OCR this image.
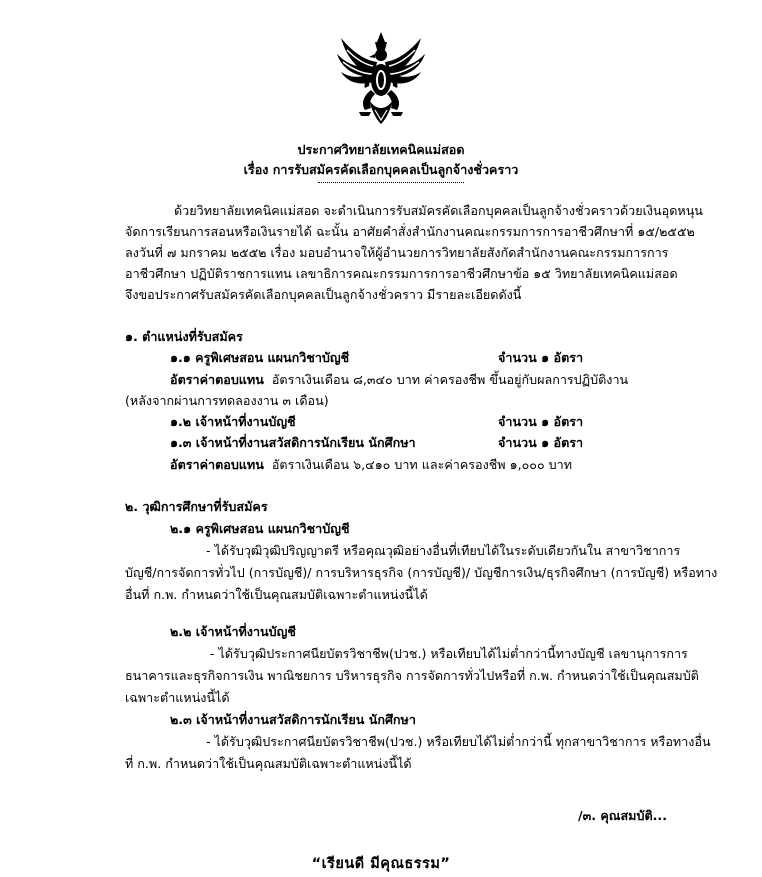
ประกาศวิทยาลัยเทคนิคแม่สอด
เรื่อง การรับสมัครคัดเลือกบุคคลเป็นลูกจ้างชั่วคราว
ด้วยวิทยาลัยเทคนิคแม่สอด จะดำเนินการรับสมัครคัดเลือกบุคคลเป็นลูกจ้างชั่วคราวด้วยเงินอุดหนุน
จัดการเรียนการสอนหรือเงินรายได้ ฉะนั้น อาศัยคำสั่งสำนักงานคณะกรรมการการอาชีวศึกษาที่ ๑๕/๒๕๕๒
ลงวันที่ ๗ มกราคม ๒๕๕๒ เรื่อง มอบอำนาจให้ผู้อำนวยการวิทยาลัยสังกัดสำนักงานคณะกรรมการการ
อาชีวศึกษา ปฏิบัติราชการแทน เลขาธิการคณะกรรมการการอาชีวศึกษาข้อ ๑๕ วิทยาลัยเทคนิคแม่สอด
จึงขอประกาศรับสมัครคัดเลือกบุคคลเป็นลูกจ้างชั่วคราว มีรายละเอียดดังนี้
๑. ตำแหน่งที่รับสมัคร
๑.๑ ครูพิเศษสอน แผนกวิชาบัญชี	จำนวน ๑ อัตรา
อัตราค่าตอบแทน อัตราเงินเดือน ๘,๓๔๐ บาท ค่าครองชีพ ขึ้นอยู่กับผลการปฏิบัติงาน
(หลังจากผ่านการทดลองงาน ๓ เดือน)
๑.๒ เจ้าหน้าที่งานบัญชี	จำนวน ๑ อัตรา
๑.๓ เจ้าหน้าที่งานสวัสดิการนักเรียน นักศึกษา	จำนวน ๑ อัตรา
อัตราค่าตอบแทน อัตราเงินเดือน ๖,๔๑๐ บาท และค่าครองชีพ ๑,๐๐๐ บาท
๒. วุฒิการศึกษาที่รับสมัคร
๒.๑ ครูพิเศษสอน แผนกวิชาบัญชี
- ได้รับวุฒิวุฒิปริญญาตรี หรือคุณวุฒิอย่างอื่นที่เทียบได้ในระดับเดียวกันใน สาขาวิชาการ
บัญชี/การจัดการทั่วไป (การบัญชี)/ การบริหารธุรกิจ (การบัญชี)/ บัญชีการเงิน/ธุรกิจศึกษา (การบัญชี) หรือทาง
อื่นที่ ก.พ. กำหนดว่าใช้เป็นคุณสมบัติเฉพาะตำแหน่งนี้ได้
๒.๒ เจ้าหน้าที่งานบัญชี
- ได้รับวุฒิประกาศนียบัตรวิชาชีพ(ปวช.) หรือเทียบได้ไม่ต่ำกว่านี้ทางบัญชี เลขานุการการ
ธนาคารและธุรกิจการเงิน พาณิชยการ บริหารธุรกิจ การจัดการทั่วไปหรือที่ ก.พ. กำหนดว่าใช้เป็นคุณสมบัติ
เฉพาะตำแหน่งนี้ได้
๒.๓ เจ้าหน้าที่งานสวัสดิการนักเรียน นักศึกษา
- ได้รับวุฒิประกาศนียบัตรวิชาชีพ(ปวช.) หรือเทียบได้ไม่ต่ำกว่านี้ ทุกสาขาวิชาการ หรือทางอื่น
ที่ ก.พ. กำหนดว่าใช้เป็นคุณสมบัติเฉพาะตำแหน่งนี้ได้
/๓. คุณสมบัติ...
“เรียนดี มีคุณธรรม”
